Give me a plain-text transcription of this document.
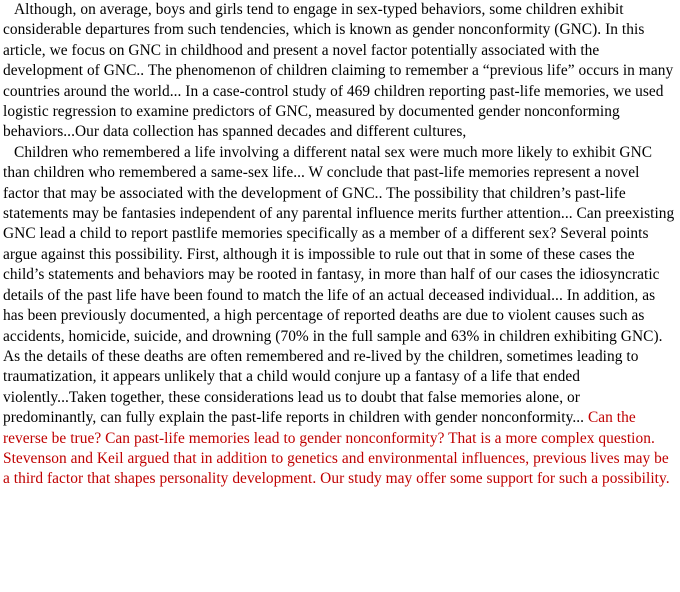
Although, on average, boys and girls tend to engage in sex-typed behaviors, some children exhibit considerable departures from such tendencies, which is known as gender nonconformity (GNC). In this article, we focus on GNC in childhood and present a novel factor potentially associated with the development of GNC.. The phenomenon of children claiming to remember a “previous life” occurs in many countries around the world... In a case-control study of 469 children reporting past-life memories, we used logistic regression to examine predictors of GNC, measured by documented gender nonconforming behaviors...Our data collection has spanned decades and different cultures,

Children who remembered a life involving a different natal sex were much more likely to exhibit GNC than children who remembered a same-sex life... W conclude that past-life memories represent a novel factor that may be associated with the development of GNC.. The possibility that children’s past-life statements may be fantasies independent of any parental influence merits further attention... Can preexisting GNC lead a child to report pastlife memories specifically as a member of a different sex? Several points argue against this possibility. First, although it is impossible to rule out that in some of these cases the child’s statements and behaviors may be rooted in fantasy, in more than half of our cases the idiosyncratic details of the past life have been found to match the life of an actual deceased individual... In addition, as has been previously documented, a high percentage of reported deaths are due to violent causes such as accidents, homicide, suicide, and drowning (70% in the full sample and 63% in children exhibiting GNC). As the details of these deaths are often remembered and re-lived by the children, sometimes leading to traumatization, it appears unlikely that a child would conjure up a fantasy of a life that ended violently...Taken together, these considerations lead us to doubt that false memories alone, or predominantly, can fully explain the past-life reports in children with gender nonconformity... Can the reverse be true? Can past-life memories lead to gender nonconformity? That is a more complex question. Stevenson and Keil argued that in addition to genetics and environmental influences, previous lives may be a third factor that shapes personality development. Our study may offer some support for such a possibility.
